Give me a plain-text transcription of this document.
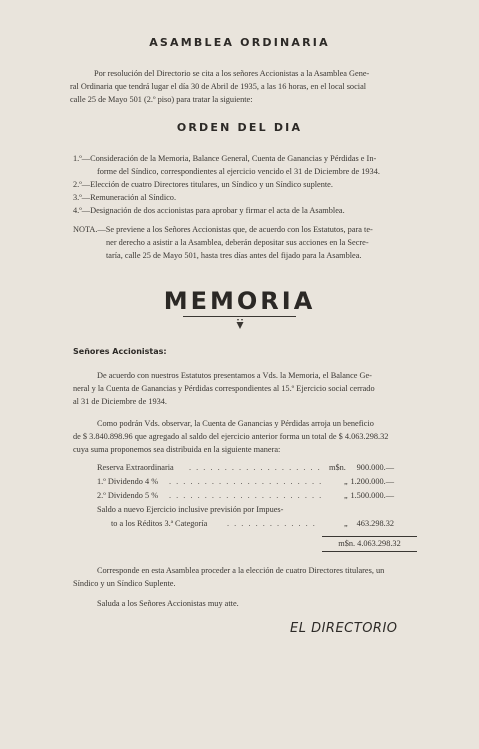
ASAMBLEA ORDINARIA
Por resolución del Directorio se cita a los señores Accionistas a la Asamblea Gene-
ral Ordinaria que tendrá lugar el día 30 de Abril de 1935, a las 16 horas, en el local social
calle 25 de Mayo 501 (2.º piso) para tratar la siguiente:
ORDEN DEL DIA
1.º—Consideración de la Memoria, Balance General, Cuenta de Ganancias y Pérdidas e In-
forme del Síndico, correspondientes al ejercicio vencido el 31 de Diciembre de 1934.
2.º—Elección de cuatro Directores titulares, un Síndico y un Síndico suplente.
3.º—Remuneración al Síndico.
4.º—Designación de dos accionistas para aprobar y firmar el acta de la Asamblea.
NOTA.—Se previene a los Señores Accionistas que, de acuerdo con los Estatutos, para te-
ner derecho a asistir a la Asamblea, deberán depositar sus acciones en la Secre-
taría, calle 25 de Mayo 501, hasta tres días antes del fijado para la Asamblea.
MEMORIA
Señores Accionistas:
De acuerdo con nuestros Estatutos presentamos a Vds. la Memoria, el Balance Ge-
neral y la Cuenta de Ganancias y Pérdidas correspondientes al 15.º Ejercicio social cerrado
al 31 de Diciembre de 1934.
Como podrán Vds. observar, la Cuenta de Ganancias y Pérdidas arroja un beneficio
de $ 3.840.898.96 que agregado al saldo del ejercicio anterior forma un total de $ 4.063.298.32
cuya suma proponemos sea distribuida en la siguiente manera:
Reserva Extraordinaria . . . . . . . . . . . . . . . . . . . m$n. 900.000.—
1.º Dividendo 4 % . . . . . . . . . . . . . . . . . . . . . .	„ 1.200.000.—
2.º Dividendo 5 % . . . . . . . . . . . . . . . . . . . . . .	„ 1.500.000.—
Saldo a nuevo Ejercicio inclusive previsión por Impues-
to a los Réditos 3.ª Categoría . . . . . . . . . . . . .	„ 463.298.32
m$n. 4.063.298.32
Corresponde en esta Asamblea proceder a la elección de cuatro Directores titulares, un
Síndico y un Síndico Suplente.
Saluda a los Señores Accionistas muy atte.
EL DIRECTORIO
